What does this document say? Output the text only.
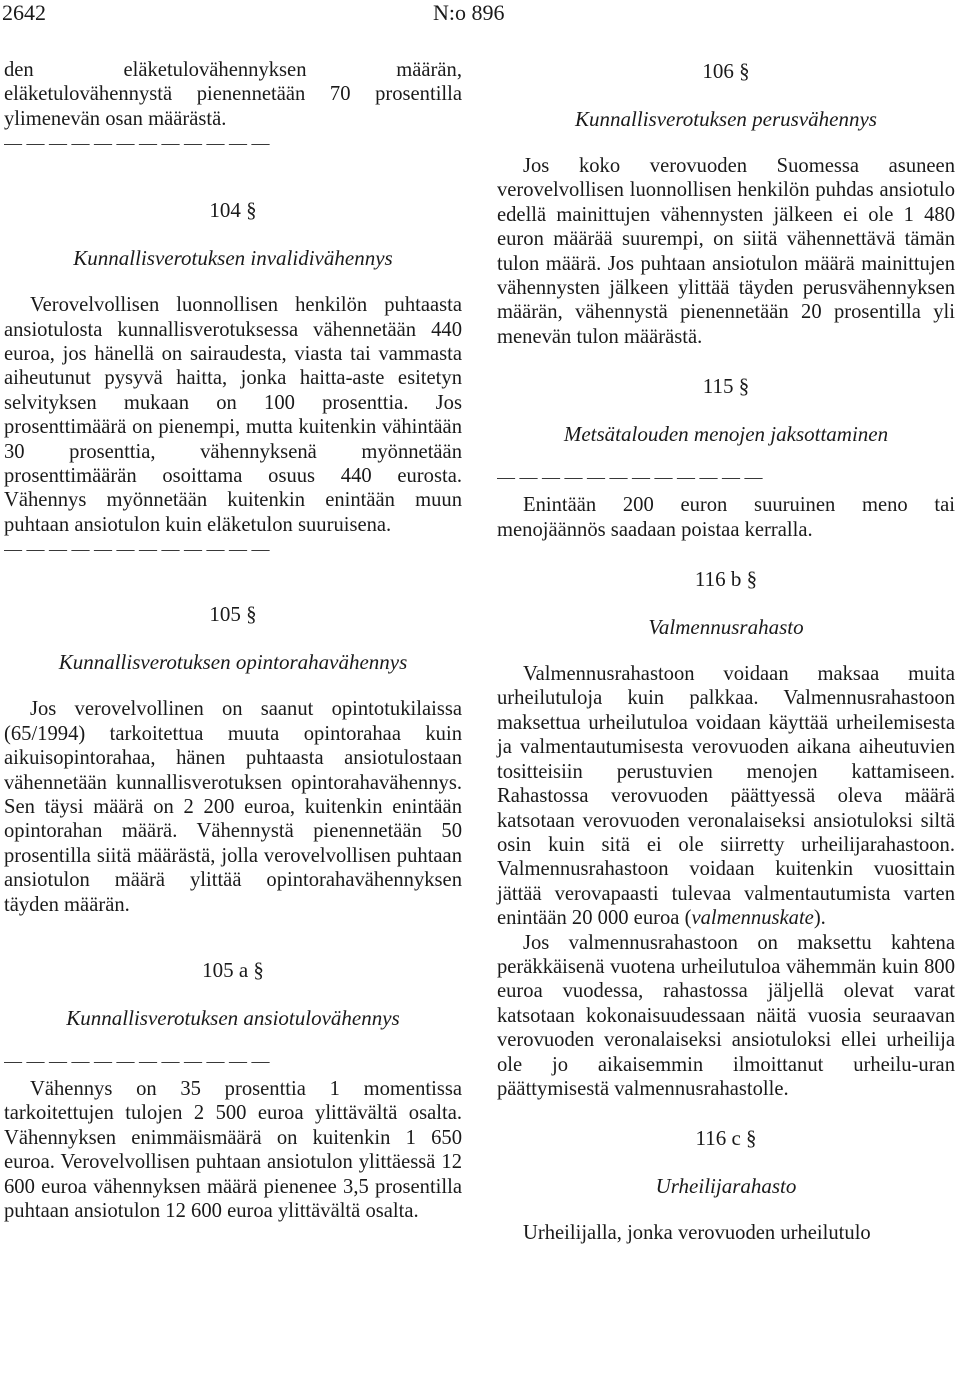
2642	N:o 896

den eläketulovähennyksen määrän, eläketulovähennystä pienennetään 70 prosentilla ylimenevän osan määrästä.

— — — — — — — — — — — —
104 §
Kunnallisverotuksen invalidivähennys

Verovelvollisen luonnollisen henkilön puhtaasta ansiotulosta kunnallisverotuksessa vähennetään 440 euroa, jos hänellä on sairaudesta, viasta tai vammasta aiheutunut pysyvä haitta, jonka haitta-aste esitetyn selvityksen mukaan on 100 prosenttia. Jos prosenttimäärä on pienempi, mutta kuitenkin vähintään 30 prosenttia, vähennyksenä myönnetään prosenttimäärän osoittama osuus 440 eurosta. Vähennys myönnetään kuitenkin enintään muun puhtaan ansiotulon kuin eläketulon suuruisena.

— — — — — — — — — — — —
105 §
Kunnallisverotuksen opintorahavähennys

Jos verovelvollinen on saanut opintotukilaissa (65/1994) tarkoitettua muuta opintorahaa kuin aikuisopintorahaa, hänen puhtaasta ansiotulostaan vähennetään kunnallisverotuksen opintorahavähennys. Sen täysi määrä on 2 200 euroa, kuitenkin enintään opintorahan määrä. Vähennystä pienennetään 50 prosentilla siitä määrästä, jolla verovelvollisen puhtaan ansiotulon määrä ylittää opintorahavähennyksen täyden määrän.

105 a §
Kunnallisverotuksen ansiotulovähennys
— — — — — — — — — — — —

Vähennys on 35 prosenttia 1 momentissa tarkoitettujen tulojen 2 500 euroa ylittävältä osalta. Vähennyksen enimmäismäärä on kuitenkin 1 650 euroa. Verovelvollisen puhtaan ansiotulon ylittäessä 12 600 euroa vähennyksen määrä pienenee 3,5 prosentilla puhtaan ansiotulon 12 600 euroa ylittävältä osalta.

106 §
Kunnallisverotuksen perusvähennys

Jos koko verovuoden Suomessa asuneen verovelvollisen luonnollisen henkilön puhdas ansiotulo edellä mainittujen vähennysten jälkeen ei ole 1 480 euron määrää suurempi, on siitä vähennettävä tämän tulon määrä. Jos puhtaan ansiotulon määrä mainittujen vähennysten jälkeen ylittää täyden perusvähennyksen määrän, vähennystä pienennetään 20 prosentilla yli menevän tulon määrästä.

115 §
Metsätalouden menojen jaksottaminen
— — — — — — — — — — — —

Enintään 200 euron suuruinen meno tai menojäännös saadaan poistaa kerralla.

116 b §
Valmennusrahasto

Valmennusrahastoon voidaan maksaa muita urheilutuloja kuin palkkaa. Valmennusrahastoon maksettua urheilutuloa voidaan käyttää urheilemisesta ja valmentautumisesta verovuoden aikana aiheutuvien tositteisiin perustuvien menojen kattamiseen. Rahastossa verovuoden päättyessä oleva määrä katsotaan verovuoden veronalaiseksi ansiotuloksi siltä osin kuin sitä ei ole siirretty urheilijarahastoon. Valmennusrahastoon voidaan kuitenkin vuosittain jättää verovapaasti tulevaa valmentautumista varten enintään 20 000 euroa (valmennuskate).

Jos valmennusrahastoon on maksettu kahtena peräkkäisenä vuotena urheilutuloa vähemmän kuin 800 euroa vuodessa, rahastossa jäljellä olevat varat katsotaan kokonaisuudessaan näitä vuosia seuraavan verovuoden veronalaiseksi ansiotuloksi ellei urheilija ole jo aikaisemmin ilmoittanut urheilu-uran päättymisestä valmennusrahastolle.

116 c §
Urheilijarahasto

Urheilijalla, jonka verovuoden urheilutulo
